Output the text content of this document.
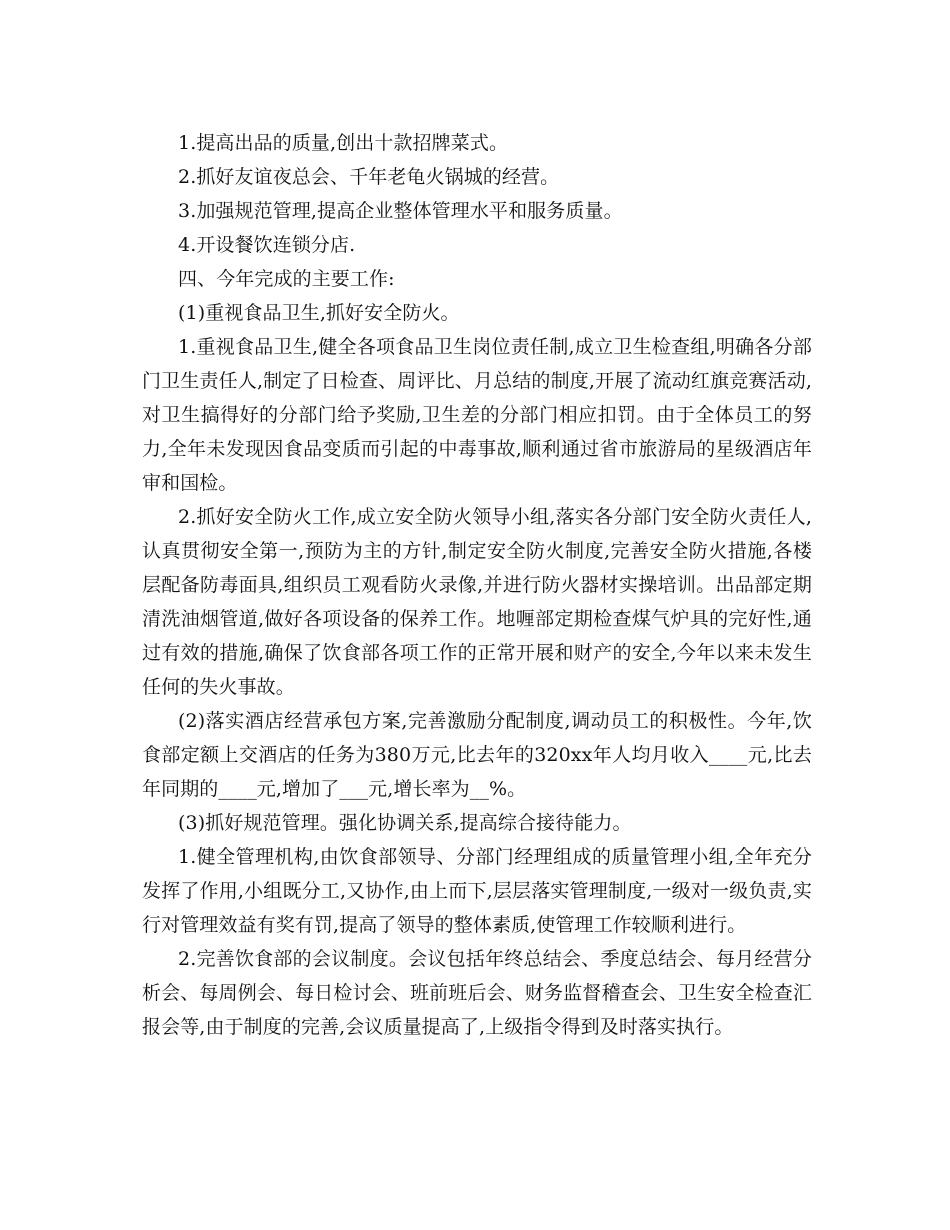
1.提高出品的质量,创出十款招牌菜式。

2.抓好友谊夜总会、千年老龟火锅城的经营。

3.加强规范管理,提高企业整体管理水平和服务质量。

4.开设餐饮连锁分店.

四、今年完成的主要工作:

(1)重视食品卫生,抓好安全防火。

1.重视食品卫生,健全各项食品卫生岗位责任制,成立卫生检查组,明确各分部门卫生责任人,制定了日检查、周评比、月总结的制度,开展了流动红旗竞赛活动,对卫生搞得好的分部门给予奖励,卫生差的分部门相应扣罚。由于全体员工的努力,全年未发现因食品变质而引起的中毒事故,顺利通过省市旅游局的星级酒店年审和国检。

2.抓好安全防火工作,成立安全防火领导小组,落实各分部门安全防火责任人,认真贯彻安全第一,预防为主的方针,制定安全防火制度,完善安全防火措施,各楼层配备防毒面具,组织员工观看防火录像,并进行防火器材实操培训。出品部定期清洗油烟管道,做好各项设备的保养工作。地喱部定期检查煤气炉具的完好性,通过有效的措施,确保了饮食部各项工作的正常开展和财产的安全,今年以来未发生任何的失火事故。

(2)落实酒店经营承包方案,完善激励分配制度,调动员工的积极性。今年,饮食部定额上交酒店的任务为380万元,比去年的320xx年人均月收入____元,比去年同期的____元,增加了___元,增长率为__%。

(3)抓好规范管理。强化协调关系,提高综合接待能力。

1.健全管理机构,由饮食部领导、分部门经理组成的质量管理小组,全年充分发挥了作用,小组既分工,又协作,由上而下,层层落实管理制度,一级对一级负责,实行对管理效益有奖有罚,提高了领导的整体素质,使管理工作较顺利进行。

2.完善饮食部的会议制度。会议包括年终总结会、季度总结会、每月经营分析会、每周例会、每日检讨会、班前班后会、财务监督稽查会、卫生安全检查汇报会等,由于制度的完善,会议质量提高了,上级指令得到及时落实执行。
